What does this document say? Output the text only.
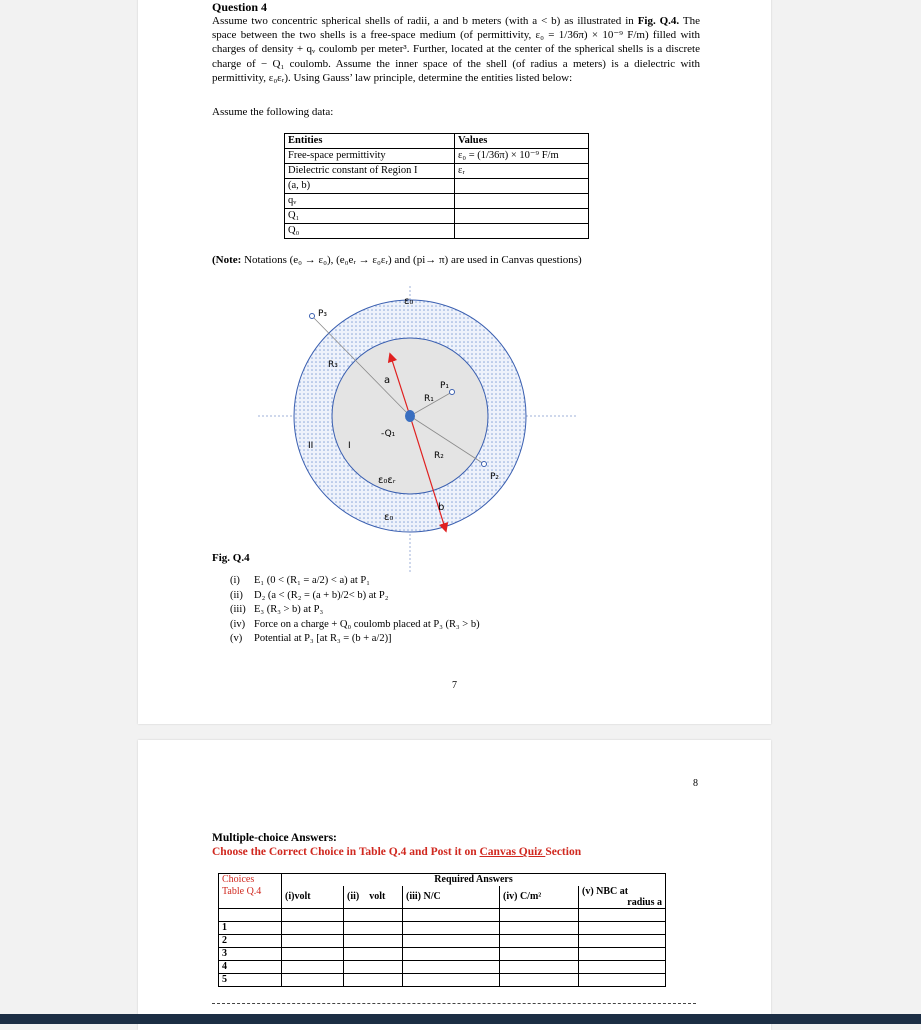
Question 4
Assume two concentric spherical shells of radii, a and b meters (with a < b) as illustrated in Fig. Q.4. The space between the two shells is a free-space medium (of permittivity, ε₀ = 1/36π) × 10⁻⁹ F/m) filled with charges of density + qᵥ coulomb per meter³. Further, located at the center of the spherical shells is a discrete charge of − Q₁ coulomb. Assume the inner space of the shell (of radius a meters) is a dielectric with permittivity, ε₀εᵣ). Using Gauss’ law principle, determine the entities listed below:
Assume the following data:
Entities	Values
Free-space permittivity	ε₀ = (1/36π) × 10⁻⁹ F/m
Dielectric constant of Region I	εᵣ
(a, b)	
qᵥ	
Q₁	
Q₀	
(Note: Notations (e₀ → ε₀), (e₀eᵣ → ε₀εᵣ) and (pi→ π) are used in Canvas questions)
ε₀
P₃
R₃
a	P₁
R₁
-Q₁
II	I
R₂
P₂
ε₀εᵣ
b
ε₀
Fig. Q.4
(i) E₁ (0 < (R₁ = a/2) < a) at P₁
(ii) D₂ (a < (R₂ = (a + b)/2< b) at P₂
(iii) E₃ (R₃ > b) at P₃
(iv) Force on a charge + Q₀ coulomb placed at P₃ (R₃ > b)
(v) Potential at P₃ [at R₃ = (b + a/2)]
7
8
Multiple-choice Answers:
Choose the Correct Choice in Table Q.4 and Post it on Canvas Quiz Section
Choices
Table Q.4	Required Answers				
	(i)volt	(ii) volt	(iii) N/C	(iv) C/m²	(v) NBC at
radius a

1					
2					
3					
4					
5					
